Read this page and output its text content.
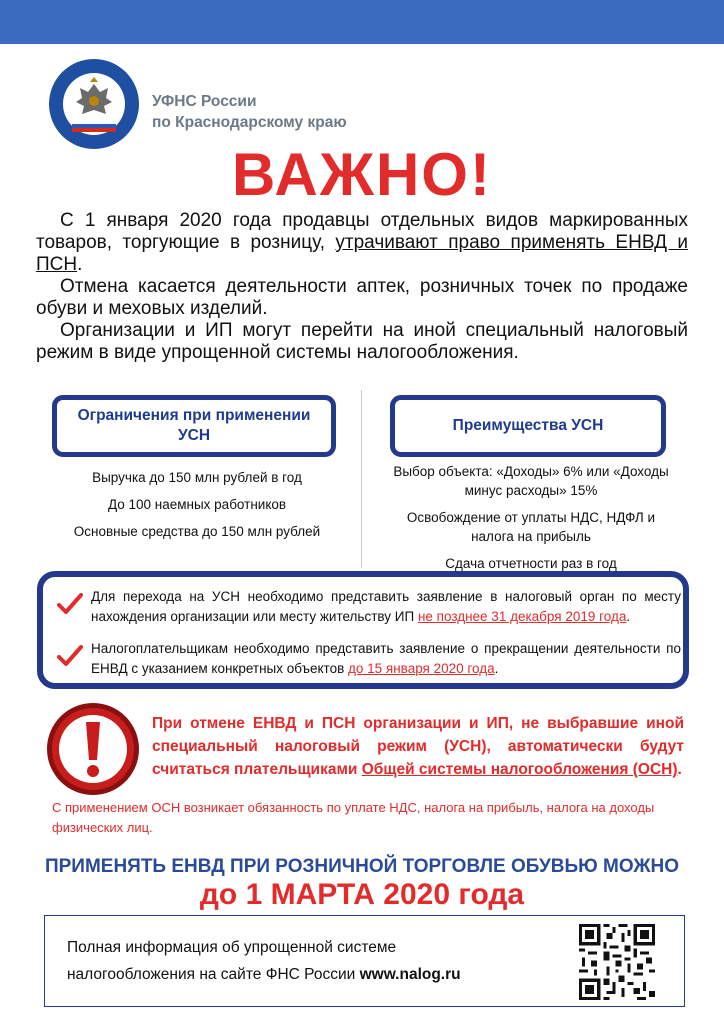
УФНС России
по Краснодарскому краю
ВАЖНО!

С 1 января 2020 года продавцы отдельных видов маркированных товаров, торгующие в розницу, утрачивают право применять ЕНВД и ПСН.

Отмена касается деятельности аптек, розничных точек по продаже обуви и меховых изделий.

Организации и ИП могут перейти на иной специальный налоговый режим в виде упрощенной системы налогообложения.

Ограничения при применении
УСН
Выручка до 150 млн рублей в год
До 100 наемных работников
Основные средства до 150 млн рублей
Преимущества УСН
Выбор объекта: «Доходы» 6% или «Доходы
минус расходы» 15%
Освобождение от уплаты НДС, НДФЛ и
налога на прибыль
Сдача отчетности раз в год
Для перехода на УСН необходимо представить заявление в налоговый орган по месту нахождения организации или месту жительству ИП не позднее 31 декабря 2019 года.
Налогоплательщикам необходимо представить заявление о прекращении деятельности по ЕНВД с указанием конкретных объектов до 15 января 2020 года.
При отмене ЕНВД и ПСН организации и ИП, не выбравшие иной специальный налоговый режим (УСН), автоматически будут считаться плательщиками Общей системы налогообложения (ОСН).
С применением ОСН возникает обязанность по уплате НДС, налога на прибыль, налога на доходы физических лиц.
ПРИМЕНЯТЬ ЕНВД ПРИ РОЗНИЧНОЙ ТОРГОВЛЕ ОБУВЬЮ МОЖНО
до 1 МАРТА 2020 года
Полная информация об упрощенной системе
налогообложения на сайте ФНС России www.nalog.ru
